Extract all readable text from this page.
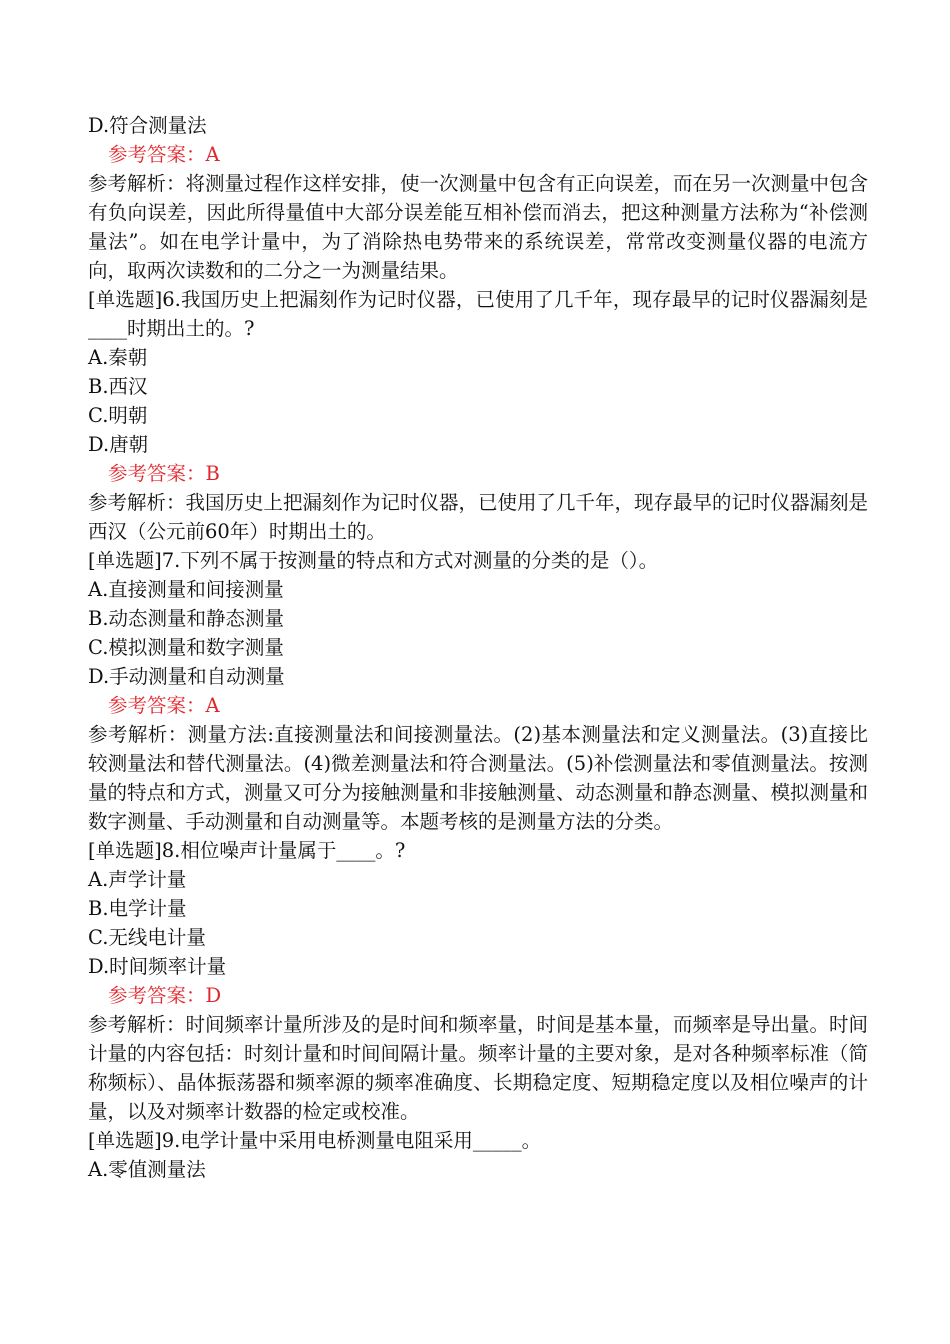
D.符合测量法
参考答案：A

参考解析：将测量过程作这样安排，使一次测量中包含有正向误差，而在另一次测量中包含有负向误差，因此所得量值中大部分误差能互相补偿而消去，把这种测量方法称为“补偿测量法”。如在电学计量中，为了消除热电势带来的系统误差，常常改变测量仪器的电流方向，取两次读数和的二分之一为测量结果。

[单选题]6.我国历史上把漏刻作为记时仪器，已使用了几千年，现存最早的记时仪器漏刻是____时期出土的。?

A.秦朝
B.西汉
C.明朝
D.唐朝
参考答案：B

参考解析：我国历史上把漏刻作为记时仪器，已使用了几千年，现存最早的记时仪器漏刻是西汉（公元前60年）时期出土的。

[单选题]7.下列不属于按测量的特点和方式对测量的分类的是（）。

A.直接测量和间接测量
B.动态测量和静态测量
C.模拟测量和数字测量
D.手动测量和自动测量
参考答案：A

参考解析：测量方法:直接测量法和间接测量法。(2)基本测量法和定义测量法。(3)直接比较测量法和替代测量法。(4)微差测量法和符合测量法。(5)补偿测量法和零值测量法。按测量的特点和方式，测量又可分为接触测量和非接触测量、动态测量和静态测量、模拟测量和数字测量、手动测量和自动测量等。本题考核的是测量方法的分类。

[单选题]8.相位噪声计量属于____。?

A.声学计量
B.电学计量
C.无线电计量
D.时间频率计量
参考答案：D

参考解析：时间频率计量所涉及的是时间和频率量，时间是基本量，而频率是导出量。时间计量的内容包括：时刻计量和时间间隔计量。频率计量的主要对象，是对各种频率标准（简称频标）、晶体振荡器和频率源的频率准确度、长期稳定度、短期稳定度以及相位噪声的计量，以及对频率计数器的检定或校准。

[单选题]9.电学计量中采用电桥测量电阻采用_____。

A.零值测量法
